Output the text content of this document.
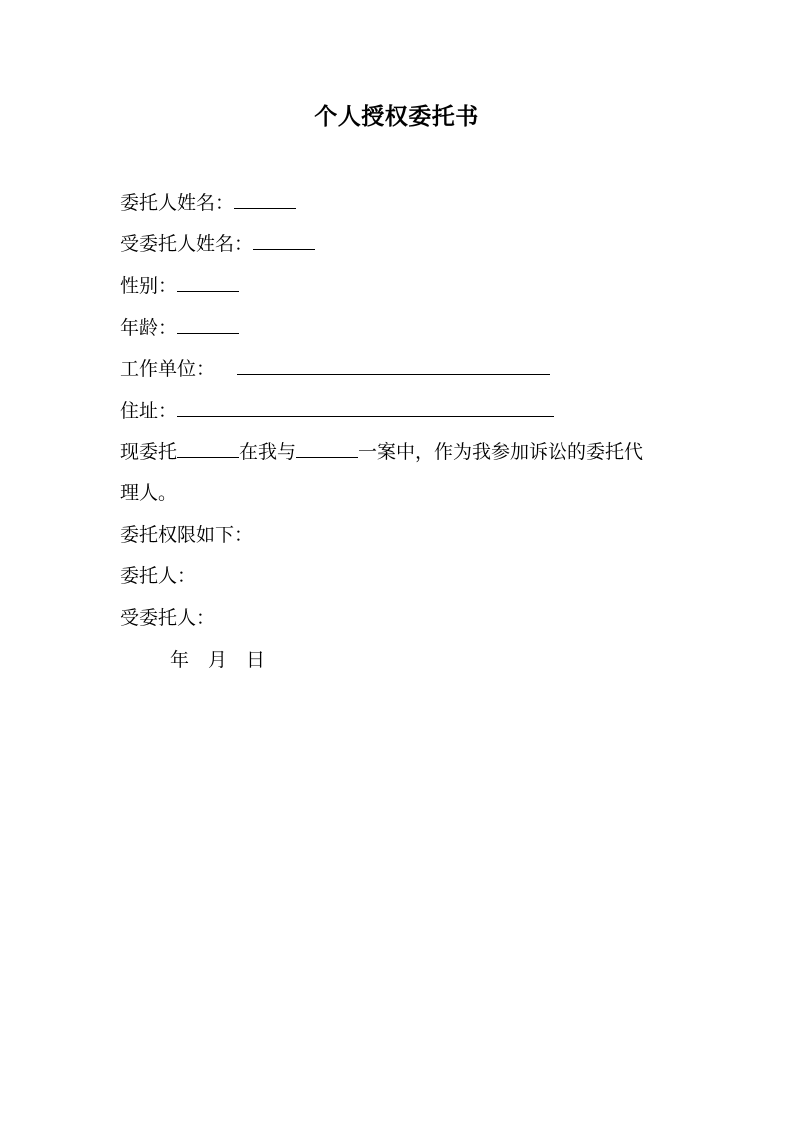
个人授权委托书
委托人姓名：
受委托人姓名：
性别：
年龄：
工作单位：
住址：
现委托	在我与	一案中，作为我参加诉讼的委托代
理人。
委托权限如下：
委托人：
受委托人：
年 月 日
